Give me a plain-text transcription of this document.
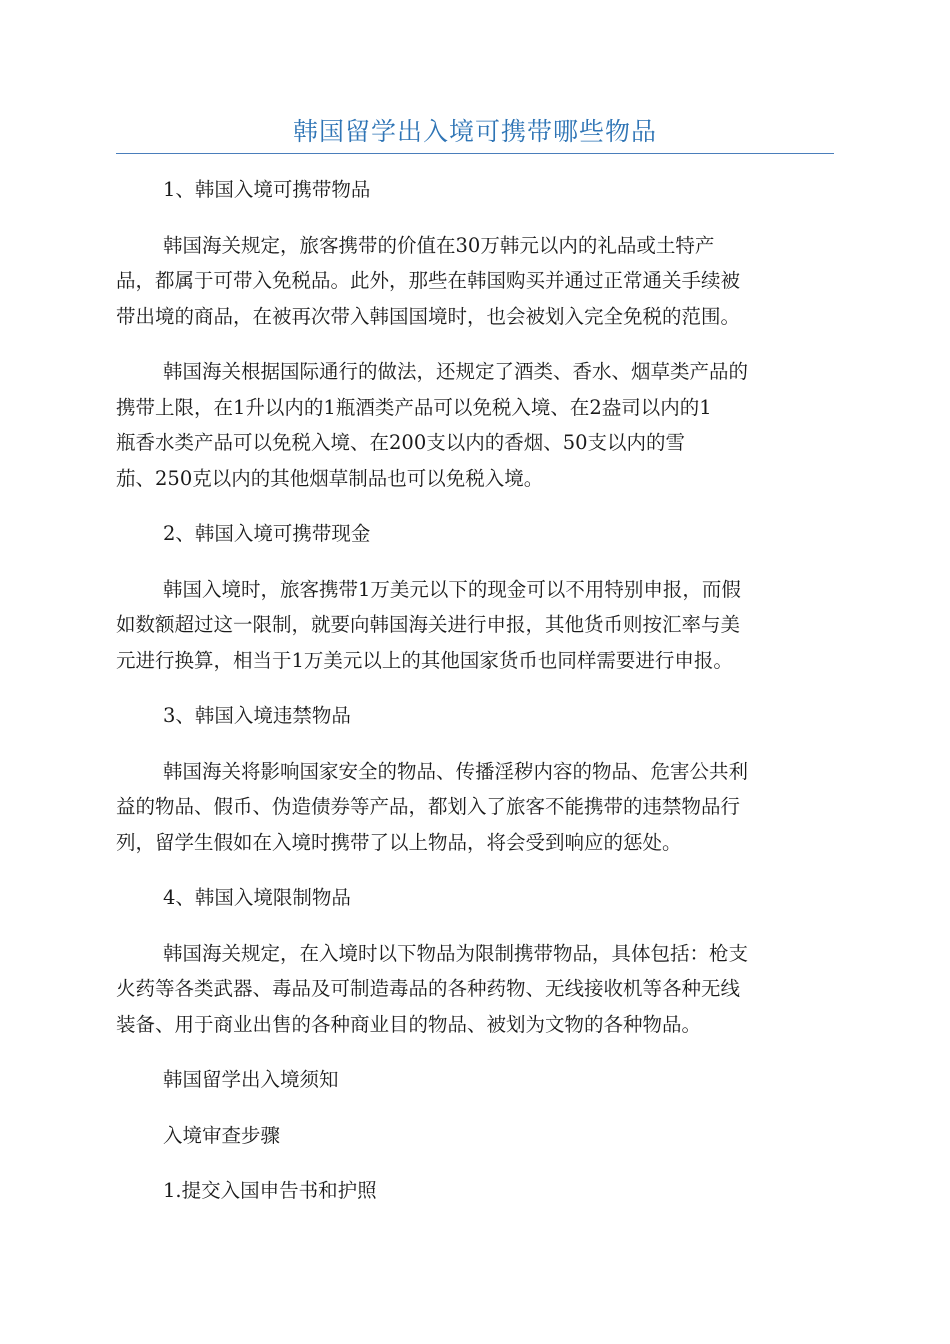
韩国留学出入境可携带哪些物品
1、韩国入境可携带物品
韩国海关规定，旅客携带的价值在30万韩元以内的礼品或土特产
品，都属于可带入免税品。此外，那些在韩国购买并通过正常通关手续被
带出境的商品，在被再次带入韩国国境时，也会被划入完全免税的范围。
韩国海关根据国际通行的做法，还规定了酒类、香水、烟草类产品的
携带上限，在1升以内的1瓶酒类产品可以免税入境、在2盎司以内的1
瓶香水类产品可以免税入境、在200支以内的香烟、50支以内的雪
茄、250克以内的其他烟草制品也可以免税入境。
2、韩国入境可携带现金
韩国入境时，旅客携带1万美元以下的现金可以不用特别申报，而假
如数额超过这一限制，就要向韩国海关进行申报，其他货币则按汇率与美
元进行换算，相当于1万美元以上的其他国家货币也同样需要进行申报。
3、韩国入境违禁物品
韩国海关将影响国家安全的物品、传播淫秽内容的物品、危害公共利
益的物品、假币、伪造债券等产品，都划入了旅客不能携带的违禁物品行
列，留学生假如在入境时携带了以上物品，将会受到响应的惩处。
4、韩国入境限制物品
韩国海关规定，在入境时以下物品为限制携带物品，具体包括：枪支
火药等各类武器、毒品及可制造毒品的各种药物、无线接收机等各种无线
装备、用于商业出售的各种商业目的物品、被划为文物的各种物品。
韩国留学出入境须知
入境审查步骤
1.提交入国申告书和护照
